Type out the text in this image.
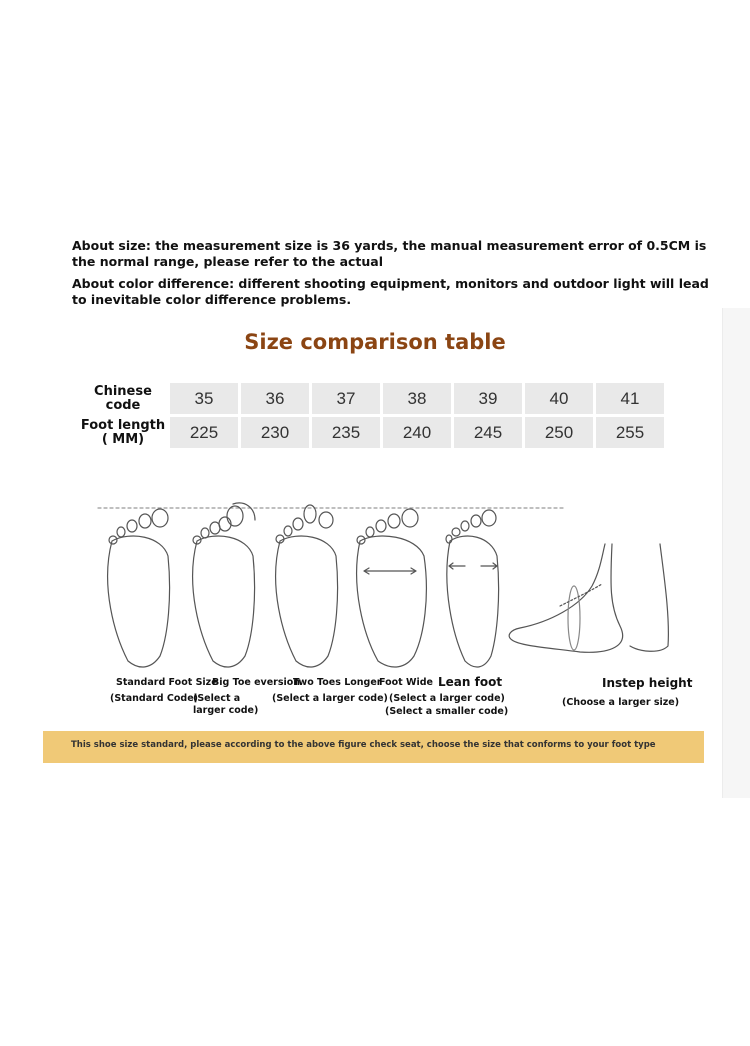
About size: the measurement size is 36 yards, the manual measurement error of 0.5CM is the normal range, please refer to the actual

About color difference: different shooting equipment, monitors and outdoor light will lead to inevitable color difference problems.

Size comparison table
Chinese code	35	36	37	38	39	40	41
Foot length ( MM)	225	230	235	240	245	250	255
Standard Foot Size
Big Toe eversion
Two Toes Longer
Foot Wide Lean foot	Instep height
(Standard Code)
(Select a larger code)
(Select a larger code) (Select a larger code)
(Select a smaller code)
(Choose a larger size)
This shoe size standard, please according to the above figure check seat, choose the size that conforms to your foot type
